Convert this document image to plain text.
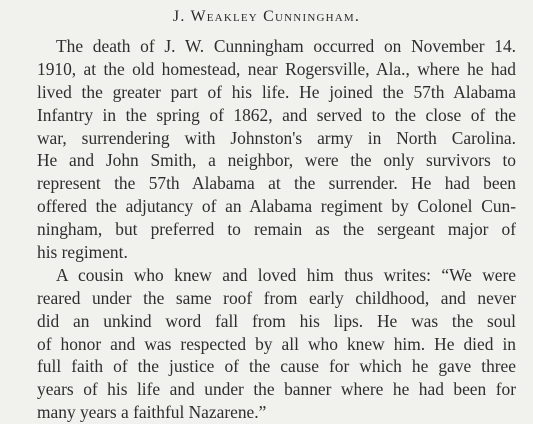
J. Weakley Cunningham.
The death of J. W. Cunningham occurred on November 14.
1910, at the old homestead, near Rogersville, Ala., where he had
lived the greater part of his life. He joined the 57th Alabama
Infantry in the spring of 1862, and served to the close of the
war, surrendering with Johnston's army in North Carolina.
He and John Smith, a neighbor, were the only survivors to
represent the 57th Alabama at the surrender. He had been
offered the adjutancy of an Alabama regiment by Colonel Cun-
ningham, but preferred to remain as the sergeant major of
his regiment.
A cousin who knew and loved him thus writes: “We were
reared under the same roof from early childhood, and never
did an unkind word fall from his lips. He was the soul
of honor and was respected by all who knew him. He died in
full faith of the justice of the cause for which he gave three
years of his life and under the banner where he had been for
many years a faithful Nazarene.”
